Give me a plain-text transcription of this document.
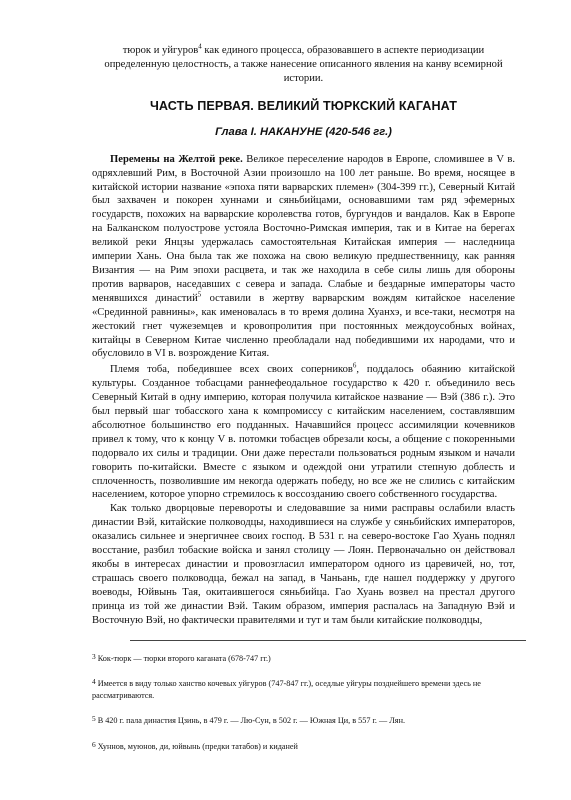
тюрок и уйгуров$^4$ как единого процесса, образовавшего в аспекте периодизации определенную целостность, а также нанесение описанного явления на канву всемирной истории.

ЧАСТЬ ПЕРВАЯ. ВЕЛИКИЙ ТЮРКСКИЙ КАГАНАТ
Глава I. НАКАНУНЕ (420-546 гг.)

Перемены на Желтой реке. Великое переселение народов в Европе, сломившее в V в. одряхлевший Рим, в Восточной Азии произошло на 100 лет раньше. Во время, носящее в китайской истории название «эпоха пяти варварских племен» (304-399 гг.), Северный Китай был захвачен и покорен хуннами и сяньбийцами, основавшими там ряд эфемерных государств, похожих на варварские королевства готов, бургундов и вандалов. Как в Европе на Балканском полуострове устояла Восточно-Римская империя, так и в Китае на берегах великой реки Янцзы удержалась самостоятельная Китайская империя — наследница империи Хань. Она была так же похожа на свою великую предшественницу, как ранняя Византия — на Рим эпохи расцвета, и так же находила в себе силы лишь для обороны против варваров, наседавших с севера и запада. Слабые и бездарные императоры часто менявшихся династий$^5$ оставили в жертву варварским вождям китайское население «Срединной равнины», как именовалась в то время долина Хуанхэ, и все-таки, несмотря на жестокий гнет чужеземцев и кровопролития при постоянных междоусобных войнах, китайцы в Северном Китае численно преобладали над победившими их народами, что и обусловило в VI в. возрождение Китая.

Племя тоба, победившее всех своих соперников$^6$, поддалось обаянию китайской культуры. Созданное тобасцами раннефеодальное государство к 420 г. объединило весь Северный Китай в одну империю, которая получила китайское название — Вэй (386 г.). Это был первый шаг тобасского хана к компромиссу с китайским населением, составлявшим абсолютное большинство его подданных. Начавшийся процесс ассимиляции кочевников привел к тому, что к концу V в. потомки тобасцев обрезали косы, а общение с покоренными подорвало их силы и традиции. Они даже перестали пользоваться родным языком и начали говорить по-китайски. Вместе с языком и одеждой они утратили степную доблесть и сплоченность, позволившие им некогда одержать победу, но все же не слились с китайским населением, которое упорно стремилось к воссозданию своего собственного государства.

Как только дворцовые перевороты и следовавшие за ними расправы ослабили власть династии Вэй, китайские полководцы, находившиеся на службе у сяньбийских императоров, оказались сильнее и энергичнее своих господ. В 531 г. на северо-востоке Гао Хуань поднял восстание, разбил тобаские войска и занял столицу — Лоян. Первоначально он действовал якобы в интересах династии и провозгласил императором одного из царевичей, но, тот, страшась своего полководца, бежал на запад, в Чаньань, где нашел поддержку у другого воеводы, Юйвынь Тая, окитаившегося сяньбийца. Гао Хуань возвел на престал другого принца из той же династии Вэй. Таким образом, империя распалась на Западную Вэй и Восточную Вэй, но фактически правителями и тут и там были китайские полководцы,

3 Кок-тюрк — тюрки второго каганата (678-747 гг.)

4 Имеется в виду только ханство кочевых уйгуров (747-847 гг.), оседлые уйгуры позднейшего времени здесь не рассматриваются.

5 В 420 г. пала династия Цзинь, в 479 г. — Лю-Сун, в 502 г. — Южная Ци, в 557 г. — Лян.

6 Хуннов, муюнов, ди, юйвынь (предки татабов) и киданей
